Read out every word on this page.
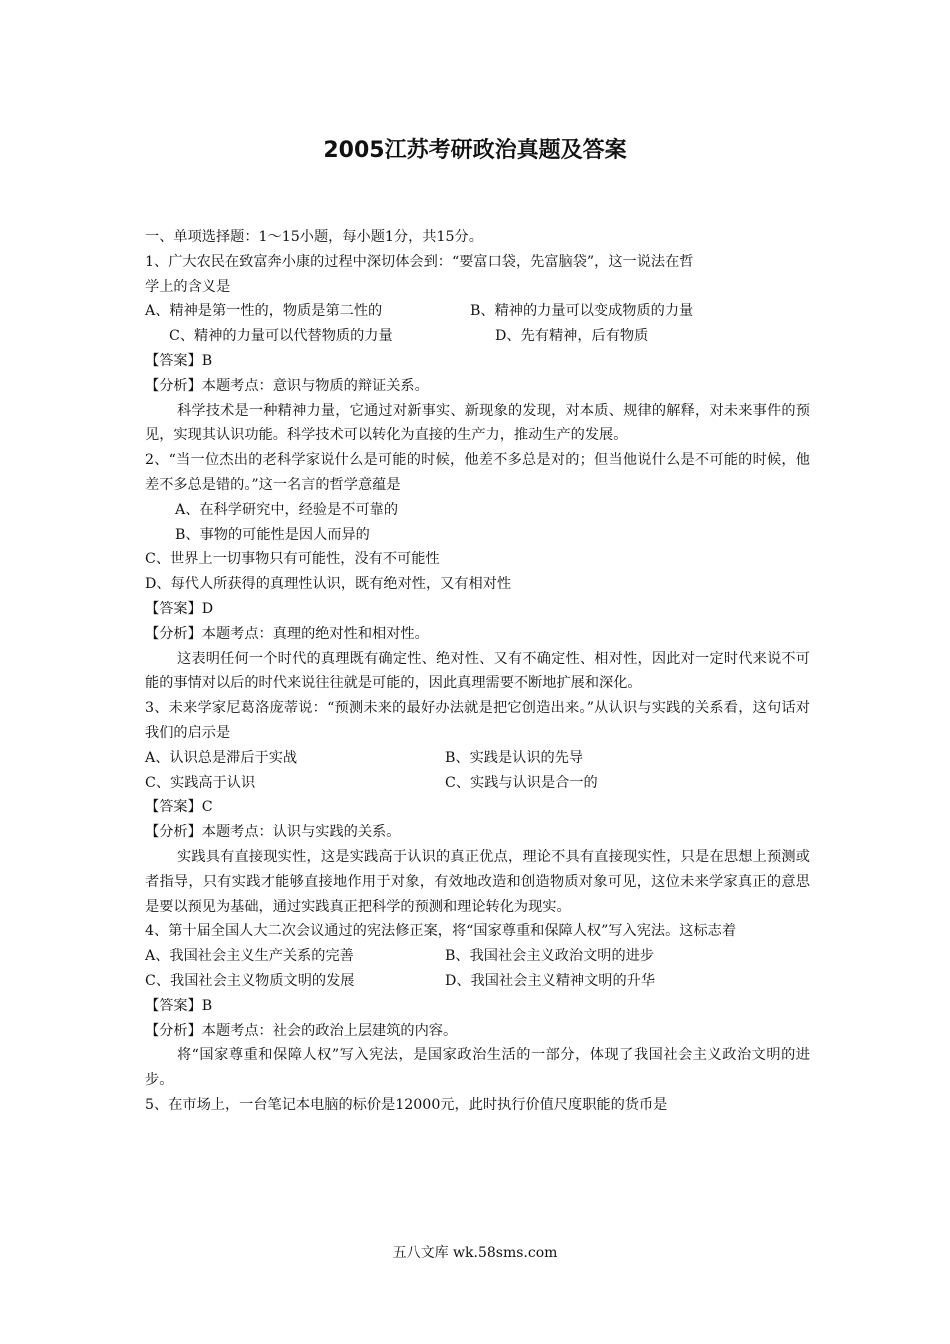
2005江苏考研政治真题及答案
一、单项选择题：1～15小题，每小题1分，共15分。
1、广大农民在致富奔小康的过程中深切体会到：“要富口袋，先富脑袋”，这一说法在哲
学上的含义是
A、精神是第一性的，物质是第二性的	B、精神的力量可以变成物质的力量
C、精神的力量可以代替物质的力量	D、先有精神，后有物质
【答案】B
【分析】本题考点：意识与物质的辩证关系。
科学技术是一种精神力量，它通过对新事实、新现象的发现，对本质、规律的解释，对未来事件的预见，实现其认识功能。科学技术可以转化为直接的生产力，推动生产的发展。
2、“当一位杰出的老科学家说什么是可能的时候，他差不多总是对的；但当他说什么是不可能的时候，他差不多总是错的。”这一名言的哲学意蕴是
A、在科学研究中，经验是不可靠的
B、事物的可能性是因人而异的
C、世界上一切事物只有可能性，没有不可能性
D、每代人所获得的真理性认识，既有绝对性，又有相对性
【答案】D
【分析】本题考点：真理的绝对性和相对性。
这表明任何一个时代的真理既有确定性、绝对性、又有不确定性、相对性，因此对一定时代来说不可能的事情对以后的时代来说往往就是可能的，因此真理需要不断地扩展和深化。
3、未来学家尼葛洛庞蒂说：“预测未来的最好办法就是把它创造出来。”从认识与实践的关系看，这句话对我们的启示是
A、认识总是滞后于实战	B、实践是认识的先导
C、实践高于认识	C、实践与认识是合一的
【答案】C
【分析】本题考点：认识与实践的关系。
实践具有直接现实性，这是实践高于认识的真正优点，理论不具有直接现实性，只是在思想上预测或者指导，只有实践才能够直接地作用于对象，有效地改造和创造物质对象可见，这位未来学家真正的意思是要以预见为基础，通过实践真正把科学的预测和理论转化为现实。
4、第十届全国人大二次会议通过的宪法修正案，将“国家尊重和保障人权”写入宪法。这标志着
A、我国社会主义生产关系的完善	B、我国社会主义政治文明的进步
C、我国社会主义物质文明的发展	D、我国社会主义精神文明的升华
【答案】B
【分析】本题考点：社会的政治上层建筑的内容。
将“国家尊重和保障人权”写入宪法，是国家政治生活的一部分，体现了我国社会主义政治文明的进步。
5、在市场上，一台笔记本电脑的标价是12000元，此时执行价值尺度职能的货币是
五八文库 wk.58sms.com
